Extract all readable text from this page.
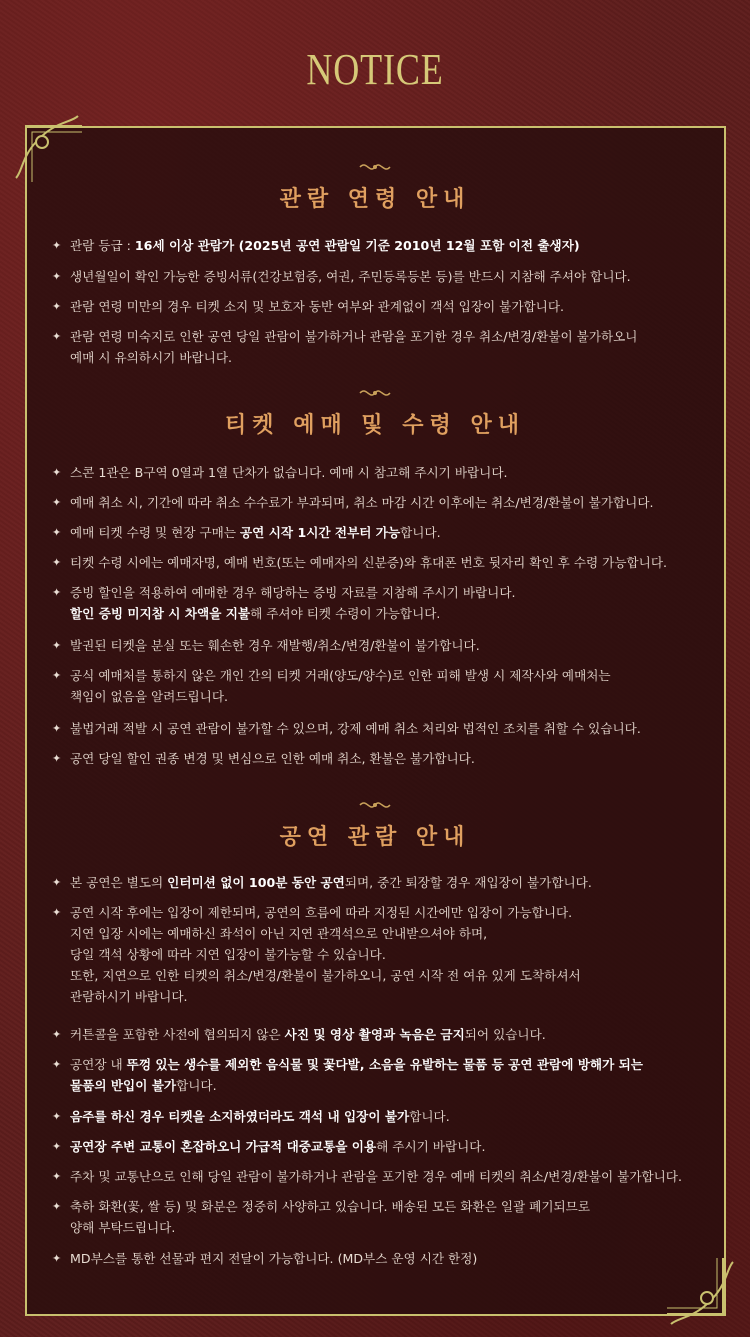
NOTICE
관람 연령 안내
✦ 관람 등급 : 16세 이상 관람가 (2025년 공연 관람일 기준 2010년 12월 포함 이전 출생자)
✦ 생년월일이 확인 가능한 증빙서류(건강보험증, 여권, 주민등록등본 등)를 반드시 지참해 주셔야 합니다.
✦ 관람 연령 미만의 경우 티켓 소지 및 보호자 동반 여부와 관계없이 객석 입장이 불가합니다.
✦ 관람 연령 미숙지로 인한 공연 당일 관람이 불가하거나 관람을 포기한 경우 취소/변경/환불이 불가하오니
예매 시 유의하시기 바랍니다.
티켓 예매 및 수령 안내
✦ 스콘 1관은 B구역 0열과 1열 단차가 없습니다. 예매 시 참고해 주시기 바랍니다.
✦ 예매 취소 시, 기간에 따라 취소 수수료가 부과되며, 취소 마감 시간 이후에는 취소/변경/환불이 불가합니다.
✦ 예매 티켓 수령 및 현장 구매는 공연 시작 1시간 전부터 가능합니다.
✦ 티켓 수령 시에는 예매자명, 예매 번호(또는 예매자의 신분증)와 휴대폰 번호 뒷자리 확인 후 수령 가능합니다.
✦ 증빙 할인을 적용하여 예매한 경우 해당하는 증빙 자료를 지참해 주시기 바랍니다.
할인 증빙 미지참 시 차액을 지불해 주셔야 티켓 수령이 가능합니다.
✦ 발권된 티켓을 분실 또는 훼손한 경우 재발행/취소/변경/환불이 불가합니다.
✦ 공식 예매처를 통하지 않은 개인 간의 티켓 거래(양도/양수)로 인한 피해 발생 시 제작사와 예매처는
책임이 없음을 알려드립니다.
✦ 불법거래 적발 시 공연 관람이 불가할 수 있으며, 강제 예매 취소 처리와 법적인 조치를 취할 수 있습니다.
✦ 공연 당일 할인 권종 변경 및 변심으로 인한 예매 취소, 환불은 불가합니다.
공연 관람 안내
✦ 본 공연은 별도의 인터미션 없이 100분 동안 공연되며, 중간 퇴장할 경우 재입장이 불가합니다.
✦ 공연 시작 후에는 입장이 제한되며, 공연의 흐름에 따라 지정된 시간에만 입장이 가능합니다.
지연 입장 시에는 예매하신 좌석이 아닌 지연 관객석으로 안내받으셔야 하며,
당일 객석 상황에 따라 지연 입장이 불가능할 수 있습니다.
또한, 지연으로 인한 티켓의 취소/변경/환불이 불가하오니, 공연 시작 전 여유 있게 도착하셔서
관람하시기 바랍니다.
✦ 커튼콜을 포함한 사전에 협의되지 않은 사진 및 영상 촬영과 녹음은 금지되어 있습니다.
✦ 공연장 내 뚜껑 있는 생수를 제외한 음식물 및 꽃다발, 소음을 유발하는 물품 등 공연 관람에 방해가 되는
물품의 반입이 불가합니다.
✦ 음주를 하신 경우 티켓을 소지하였더라도 객석 내 입장이 불가합니다.
✦ 공연장 주변 교통이 혼잡하오니 가급적 대중교통을 이용해 주시기 바랍니다.
✦ 주차 및 교통난으로 인해 당일 관람이 불가하거나 관람을 포기한 경우 예매 티켓의 취소/변경/환불이 불가합니다.
✦ 축하 화환(꽃, 쌀 등) 및 화분은 정중히 사양하고 있습니다. 배송된 모든 화환은 일괄 폐기되므로
양해 부탁드립니다.
✦ MD부스를 통한 선물과 편지 전달이 가능합니다. (MD부스 운영 시간 한정)
